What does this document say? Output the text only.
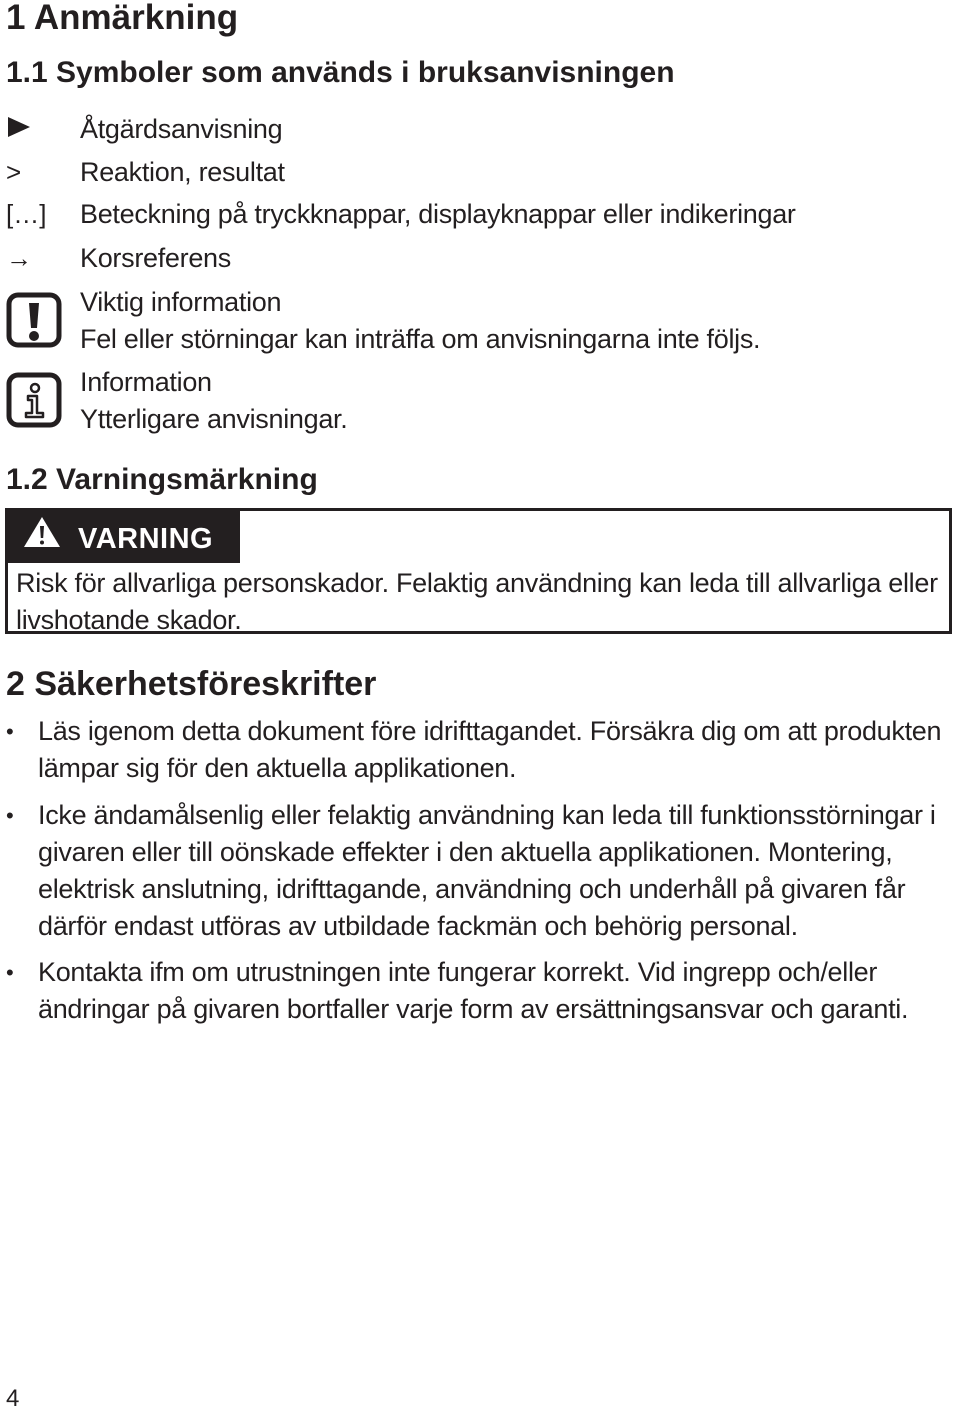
1 Anmärkning
1.1 Symboler som används i bruksanvisningen
Åtgärdsanvisning
> Reaktion, resultat
[…] Beteckning på tryckknappar, displayknappar eller indikeringar
→ Korsreferens
Viktig information
Fel eller störningar kan inträffa om anvisningarna inte följs.
Information
Ytterligare anvisningar.
1.2 Varningsmärkning
VARNING
Risk för allvarliga personskador. Felaktig användning kan leda till allvarliga eller livshotande skador.
2 Säkerhetsföreskrifter
• Läs igenom detta dokument före idrifttagandet. Försäkra dig om att produkten lämpar sig för den aktuella applikationen.
• Icke ändamålsenlig eller felaktig användning kan leda till funktionsstörningar i givaren eller till oönskade effekter i den aktuella applikationen. Montering, elektrisk anslutning, idrifttagande, användning och underhåll på givaren får därför endast utföras av utbildade fackmän och behörig personal.
• Kontakta ifm om utrustningen inte fungerar korrekt. Vid ingrepp och/eller ändringar på givaren bortfaller varje form av ersättningsansvar och garanti.
4
